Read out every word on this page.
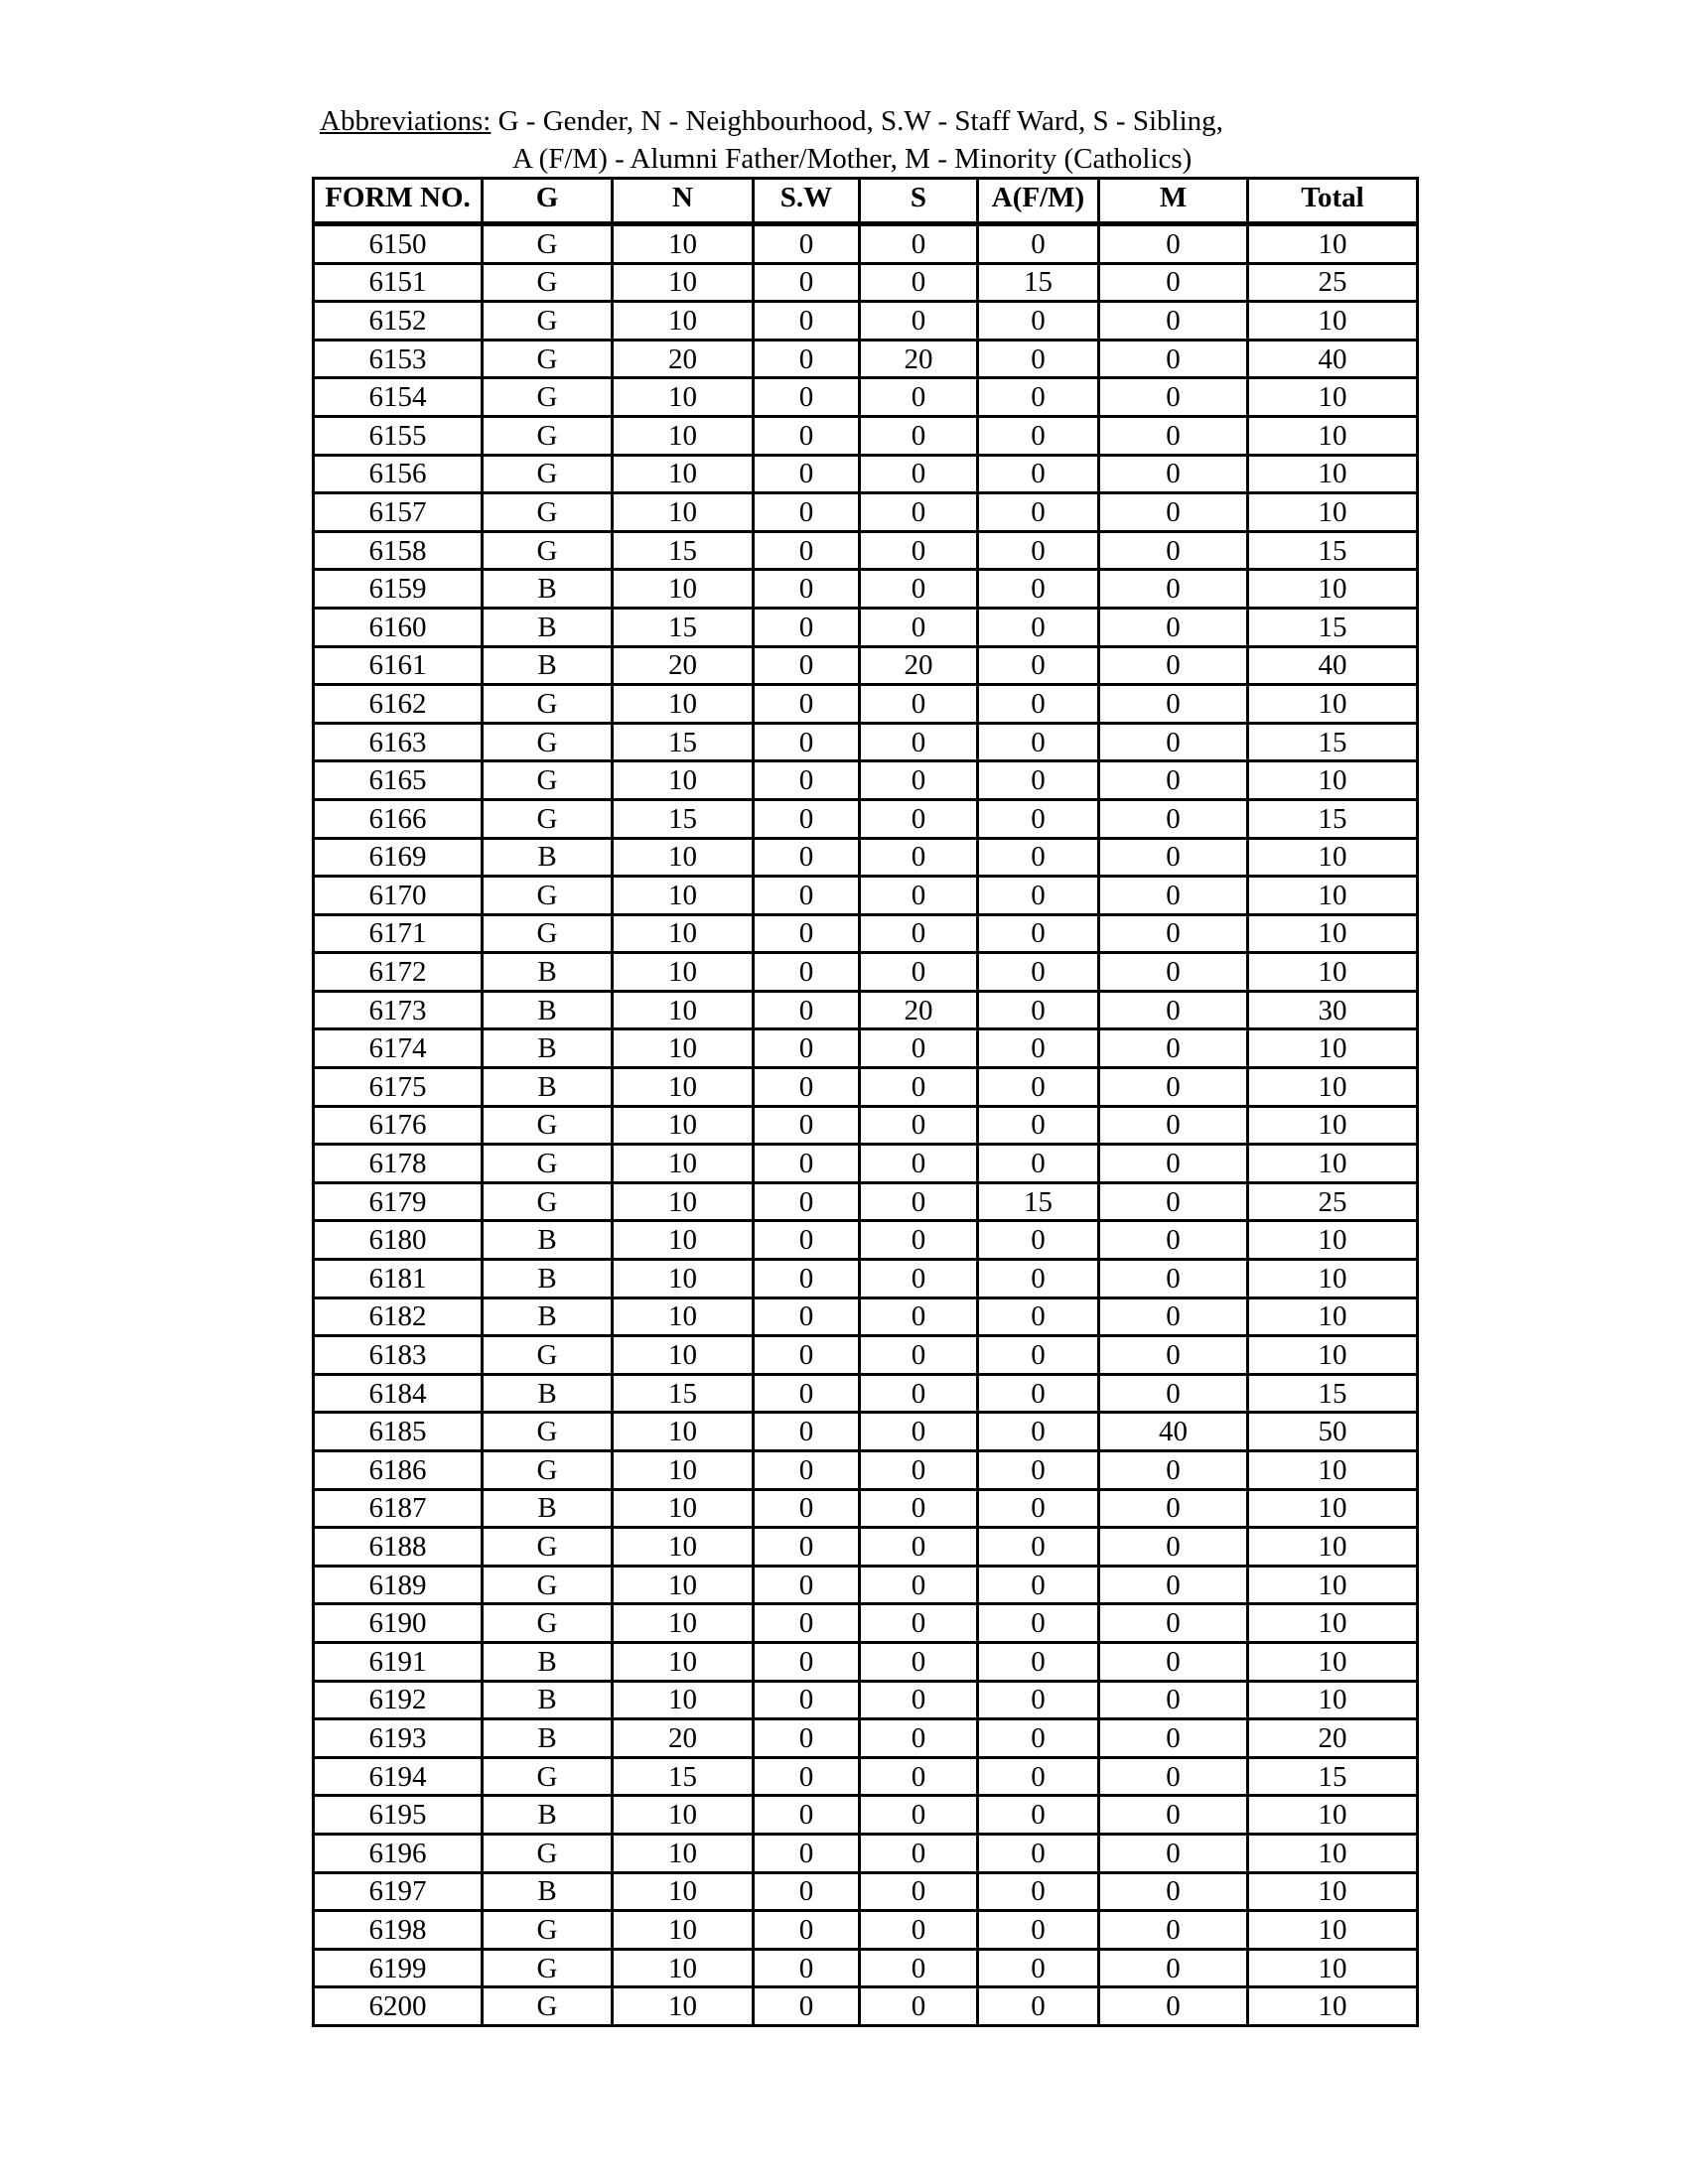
Abbreviations: G - Gender, N - Neighbourhood, S.W - Staff Ward, S - Sibling,
A (F/M) - Alumni Father/Mother, M - Minority (Catholics)
FORM NO.	G	N	S.W	S	A(F/M)	M	Total
6150	G	10	0	0	0	0	10
6151	G	10	0	0	15	0	25
6152	G	10	0	0	0	0	10
6153	G	20	0	20	0	0	40
6154	G	10	0	0	0	0	10
6155	G	10	0	0	0	0	10
6156	G	10	0	0	0	0	10
6157	G	10	0	0	0	0	10
6158	G	15	0	0	0	0	15
6159	B	10	0	0	0	0	10
6160	B	15	0	0	0	0	15
6161	B	20	0	20	0	0	40
6162	G	10	0	0	0	0	10
6163	G	15	0	0	0	0	15
6165	G	10	0	0	0	0	10
6166	G	15	0	0	0	0	15
6169	B	10	0	0	0	0	10
6170	G	10	0	0	0	0	10
6171	G	10	0	0	0	0	10
6172	B	10	0	0	0	0	10
6173	B	10	0	20	0	0	30
6174	B	10	0	0	0	0	10
6175	B	10	0	0	0	0	10
6176	G	10	0	0	0	0	10
6178	G	10	0	0	0	0	10
6179	G	10	0	0	15	0	25
6180	B	10	0	0	0	0	10
6181	B	10	0	0	0	0	10
6182	B	10	0	0	0	0	10
6183	G	10	0	0	0	0	10
6184	B	15	0	0	0	0	15
6185	G	10	0	0	0	40	50
6186	G	10	0	0	0	0	10
6187	B	10	0	0	0	0	10
6188	G	10	0	0	0	0	10
6189	G	10	0	0	0	0	10
6190	G	10	0	0	0	0	10
6191	B	10	0	0	0	0	10
6192	B	10	0	0	0	0	10
6193	B	20	0	0	0	0	20
6194	G	15	0	0	0	0	15
6195	B	10	0	0	0	0	10
6196	G	10	0	0	0	0	10
6197	B	10	0	0	0	0	10
6198	G	10	0	0	0	0	10
6199	G	10	0	0	0	0	10
6200	G	10	0	0	0	0	10
